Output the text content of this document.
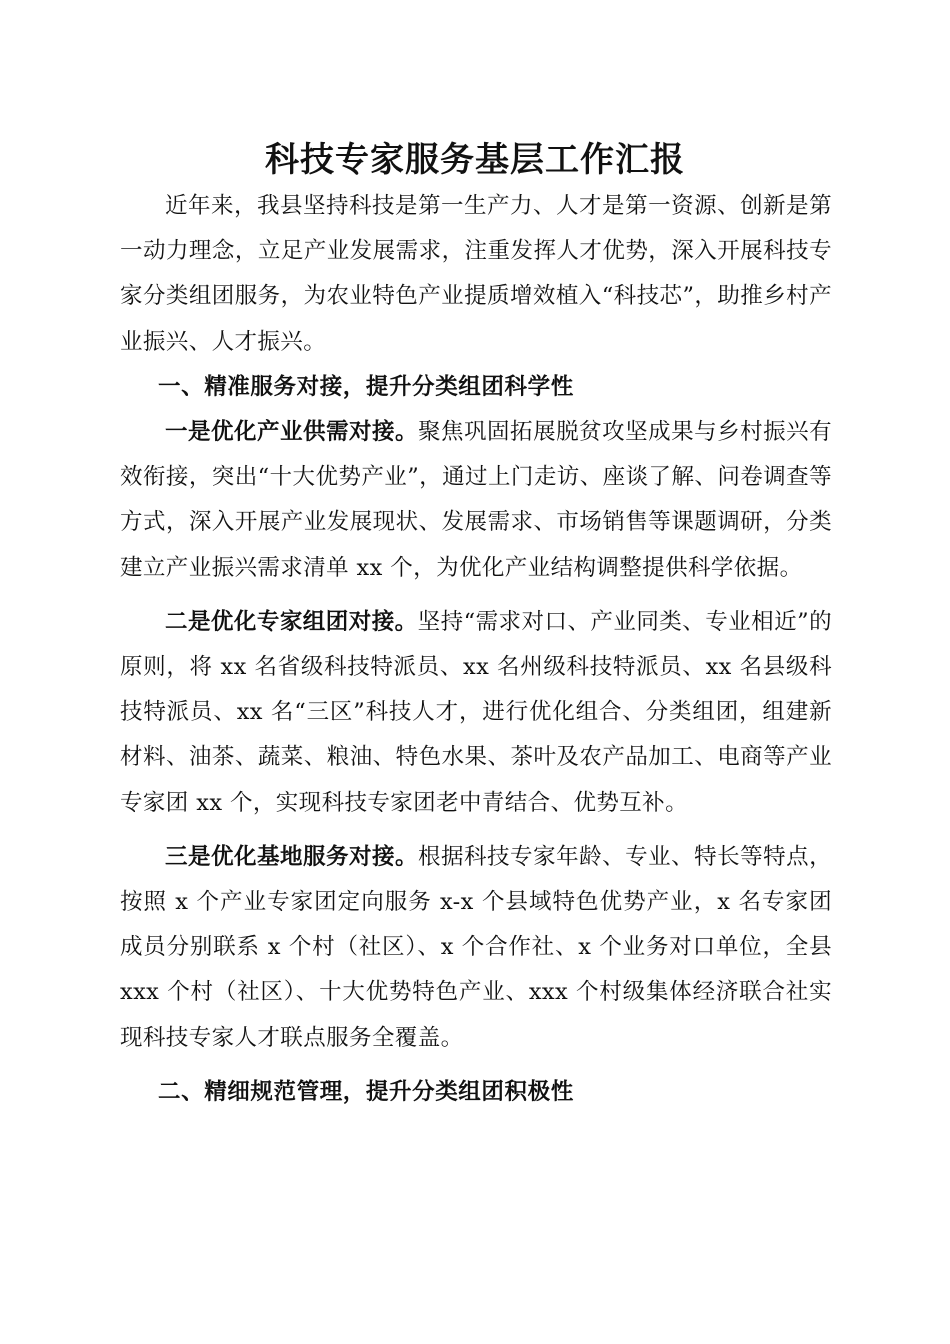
科技专家服务基层工作汇报

近年来，我县坚持科技是第一生产力、人才是第一资源、创新是第一动力理念，立足产业发展需求，注重发挥人才优势，深入开展科技专家分类组团服务，为农业特色产业提质增效植入“科技芯”，助推乡村产业振兴、人才振兴。

一、精准服务对接，提升分类组团科学性

一是优化产业供需对接。聚焦巩固拓展脱贫攻坚成果与乡村振兴有效衔接，突出“十大优势产业”，通过上门走访、座谈了解、问卷调查等方式，深入开展产业发展现状、发展需求、市场销售等课题调研，分类建立产业振兴需求清单 xx 个，为优化产业结构调整提供科学依据。

二是优化专家组团对接。坚持“需求对口、产业同类、专业相近”的原则，将 xx 名省级科技特派员、xx 名州级科技特派员、xx 名县级科技特派员、xx 名“三区”科技人才，进行优化组合、分类组团，组建新材料、油茶、蔬菜、粮油、特色水果、茶叶及农产品加工、电商等产业专家团 xx 个，实现科技专家团老中青结合、优势互补。

三是优化基地服务对接。根据科技专家年龄、专业、特长等特点，按照 x 个产业专家团定向服务 x-x 个县域特色优势产业，x 名专家团成员分别联系 x 个村（社区）、x 个合作社、x 个业务对口单位，全县 xxx 个村（社区）、十大优势特色产业、xxx 个村级集体经济联合社实现科技专家人才联点服务全覆盖。

二、精细规范管理，提升分类组团积极性
